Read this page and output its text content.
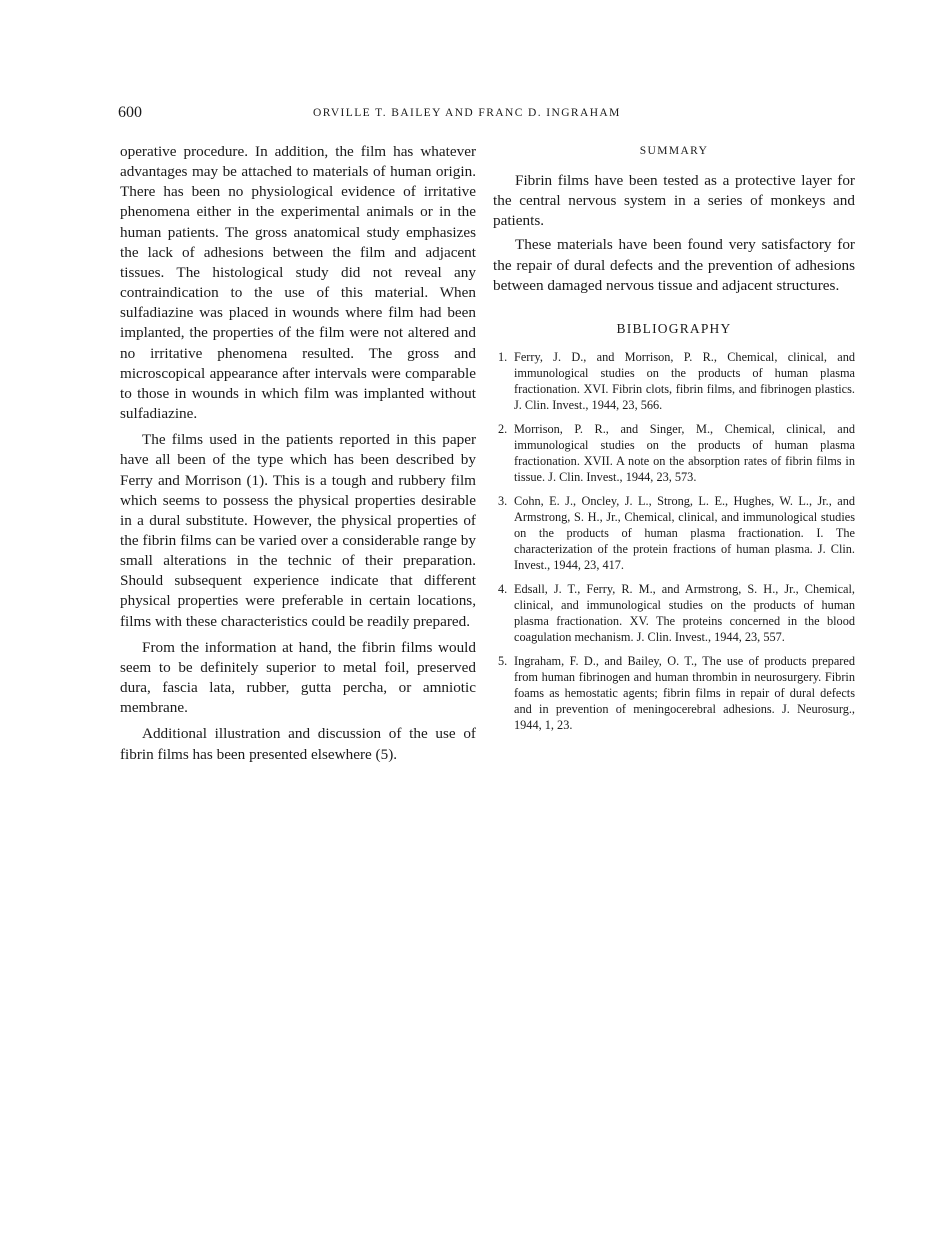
600	ORVILLE T. BAILEY AND FRANC D. INGRAHAM

operative procedure. In addition, the film has whatever advantages may be attached to materials of human origin. There has been no physiological evidence of irritative phenomena either in the experimental animals or in the human patients. The gross anatomical study emphasizes the lack of adhesions between the film and adjacent tissues. The histological study did not reveal any contraindication to the use of this material. When sulfadiazine was placed in wounds where film had been implanted, the properties of the film were not altered and no irritative phenomena resulted. The gross and microscopical appearance after intervals were comparable to those in wounds in which film was implanted without sulfadiazine.

The films used in the patients reported in this paper have all been of the type which has been described by Ferry and Morrison (1). This is a tough and rubbery film which seems to possess the physical properties desirable in a dural substitute. However, the physical properties of the fibrin films can be varied over a considerable range by small alterations in the technic of their preparation. Should subsequent experience indicate that different physical properties were preferable in certain locations, films with these characteristics could be readily prepared.

From the information at hand, the fibrin films would seem to be definitely superior to metal foil, preserved dura, fascia lata, rubber, gutta percha, or amniotic membrane.

Additional illustration and discussion of the use of fibrin films has been presented elsewhere (5).

SUMMARY

Fibrin films have been tested as a protective layer for the central nervous system in a series of monkeys and patients.

These materials have been found very satisfactory for the repair of dural defects and the prevention of adhesions between damaged nervous tissue and adjacent structures.

BIBLIOGRAPHY
1. Ferry, J. D., and Morrison, P. R., Chemical, clinical, and immunological studies on the products of human plasma fractionation. XVI. Fibrin clots, fibrin films, and fibrinogen plastics. J. Clin. Invest., 1944, 23, 566.
2. Morrison, P. R., and Singer, M., Chemical, clinical, and immunological studies on the products of human plasma fractionation. XVII. A note on the absorption rates of fibrin films in tissue. J. Clin. Invest., 1944, 23, 573.
3. Cohn, E. J., Oncley, J. L., Strong, L. E., Hughes, W. L., Jr., and Armstrong, S. H., Jr., Chemical, clinical, and immunological studies on the products of human plasma fractionation. I. The characterization of the protein fractions of human plasma. J. Clin. Invest., 1944, 23, 417.
4. Edsall, J. T., Ferry, R. M., and Armstrong, S. H., Jr., Chemical, clinical, and immunological studies on the products of human plasma fractionation. XV. The proteins concerned in the blood coagulation mechanism. J. Clin. Invest., 1944, 23, 557.
5. Ingraham, F. D., and Bailey, O. T., The use of products prepared from human fibrinogen and human thrombin in neurosurgery. Fibrin foams as hemostatic agents; fibrin films in repair of dural defects and in prevention of meningocerebral adhesions. J. Neurosurg., 1944, 1, 23.
